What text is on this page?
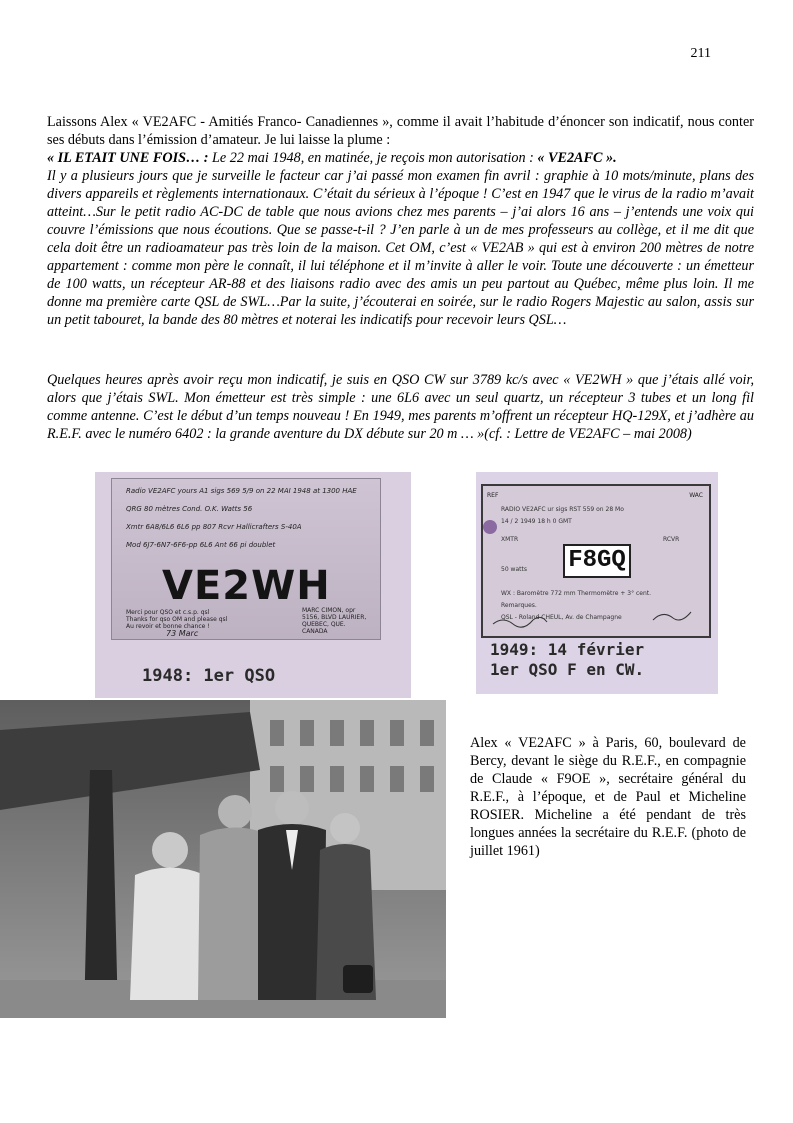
211
Laissons Alex « VE2AFC - Amitiés Franco- Canadiennes », comme il avait l’habitude d’énoncer son indicatif, nous conter ses débuts dans l’émission d’amateur. Je lui laisse la plume :

« IL ETAIT UNE FOIS… : Le 22 mai 1948, en matinée, je reçois mon autorisation : « VE2AFC ».
Il y a plusieurs jours que je surveille le facteur car j’ai passé mon examen fin avril : graphie à 10 mots/minute, plans des divers appareils et règlements internationaux. C’était du sérieux à l’époque ! C’est en 1947 que le virus de la radio m’avait atteint…Sur le petit radio AC-DC de table que nous avions chez mes parents – j’ai alors 16 ans – j’entends une voix qui couvre l’émissions que nous écoutions. Que se passe-t-il ? J’en parle à un de mes professeurs au collège, et il me dit que cela doit être un radioamateur pas très loin de la maison. Cet OM, c’est « VE2AB » qui est à environ 200 mètres de notre appartement : comme mon père le connaît, il lui téléphone et il m’invite à aller le voir. Toute une découverte : un émetteur de 100 watts, un récepteur AR-88 et des liaisons radio avec des amis un peu partout au Québec, même plus loin. Il me donne ma première carte QSL de SWL…Par la suite, j’écouterai en soirée, sur le radio Rogers Majestic au salon, assis sur un petit tabouret, la bande des 80 mètres et noterai les indicatifs pour recevoir leurs QSL…

Quelques heures après avoir reçu mon indicatif, je suis en QSO CW sur 3789 kc/s avec « VE2WH » que j’étais allé voir, alors que j’étais SWL. Mon émetteur est très simple : une 6L6 avec un seul quartz, un récepteur 3 tubes et un long fil comme antenne. C’est le début d’un temps nouveau ! En 1949, mes parents m’offrent un récepteur HQ-129X, et j’adhère au R.E.F. avec le numéro 6402 : la grande aventure du DX débute sur 20 m … »(cf. : Lettre de VE2AFC – mai 2008)

Radio VE2AFC yours A1 sigs 569 5/9 on 22 MAI 1948 at 1300 HAE
QRG 80 mètres Cond. O.K. Watts 56
Xmtr 6A8/6L6 6L6 pp 807 Rcvr Hallicrafters S-40A
Mod 6J7-6N7-6F6-pp 6L6 Ant 66 pi doublet
VE2WH
Merci pour QSO et c.s.p. qsl
Thanks for qso OM and please qsl
Au revoir et bonne chance !
73 Marc
MARC CIMON, opr
5156, BLVD LAURIER,
QUEBEC, QUE.
CANADA
1948: 1er QSO
REF	WAC
RADIO VE2AFC ur sigs RST 559 on 28 Mo
14 / 2 1949 18 h 0 GMT
XMTR	RCVR
F8GQ
50 watts
WX : Baromètre 772 mm Thermomètre + 3° cent.
Remarques.
QSL - Roland CHEUL, Av. de Champagne
1949: 14 février
1er QSO F en CW.
Alex « VE2AFC » à Paris, 60, boulevard de Bercy, devant le siège du R.E.F., en compagnie de Claude « F9OE », secrétaire général du R.E.F., à l’époque, et de Paul et Micheline ROSIER. Micheline a été pendant de très longues années la secrétaire du R.E.F. (photo de juillet 1961)
